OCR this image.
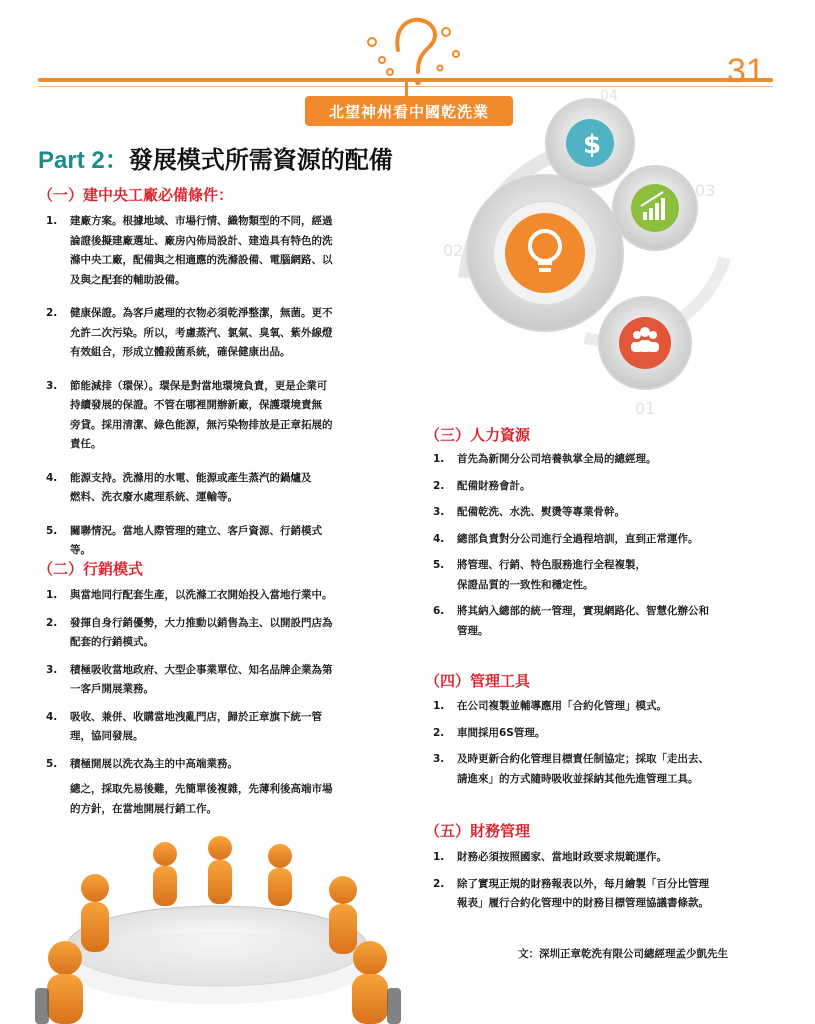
北望神州看中國乾洗業
31
Part 2：發展模式所需資源的配備
02
$
04
03
01
（一）建中央工廠必備條件：
1. 建廠方案。根據地域、市場行情、織物類型的不同，經過
論證後擬建廠選址、廠房內佈局設計、建造具有特色的洗
滌中央工廠，配備與之相適應的洗滌設備、電腦網路、以
及與之配套的輔助設備。
2. 健康保證。為客戶處理的衣物必須乾淨整潔，無菌。更不
允許二次污染。所以，考慮蒸汽、氯氣、臭氧、紫外線燈
有效組合，形成立體殺菌系統，確保健康出品。
3. 節能減排（環保）。環保是對當地環境負責，更是企業可
持續發展的保證。不管在哪裡開辦新廠，保護環境責無
旁貸。採用清潔、綠色能源，無污染物排放是正章拓展的
責任。
4. 能源支持。洗滌用的水電、能源或產生蒸汽的鍋爐及
燃料、洗衣廢水處理系統、運輸等。
5. 關聯情況。當地人際管理的建立、客戶資源、行銷模式
等。
（二）行銷模式
1. 與當地同行配套生產，以洗滌工衣開始投入當地行業中。
2. 發揮自身行銷優勢，大力推動以銷售為主、以開設門店為
配套的行銷模式。
3. 積極吸收當地政府、大型企事業單位、知名品牌企業為第
一客戶開展業務。
4. 吸收、兼併、收購當地洩亂門店，歸於正章旗下統一管
理，協同發展。
5. 積極開展以洗衣為主的中高端業務。
總之，採取先易後難，先簡單後複雜，先薄利後高端市場
的方針，在當地開展行銷工作。
（三）人力資源
1. 首先為新開分公司培養執掌全局的總經理。
2. 配備財務會計。
3. 配備乾洗、水洗、熨燙等專業骨幹。
4. 總部負責對分公司進行全過程培訓，直到正常運作。
5. 將管理、行銷、特色服務進行全程複製，
保證品質的一致性和穩定性。
6. 將其納入總部的統一管理，實現網路化、智慧化辦公和
管理。
（四）管理工具
1. 在公司複製並輔導應用「合約化管理」模式。
2. 車間採用6S管理。
3. 及時更新合約化管理目標責任制協定；採取「走出去、
請進來」的方式隨時吸收並採納其他先進管理工具。
（五）財務管理
1. 財務必須按照國家、當地財政要求規範運作。
2. 除了實現正規的財務報表以外，每月繪製「百分比管理
報表」履行合約化管理中的財務目標管理協議書條款。
文：深圳正章乾洗有限公司總經理孟少凱先生
